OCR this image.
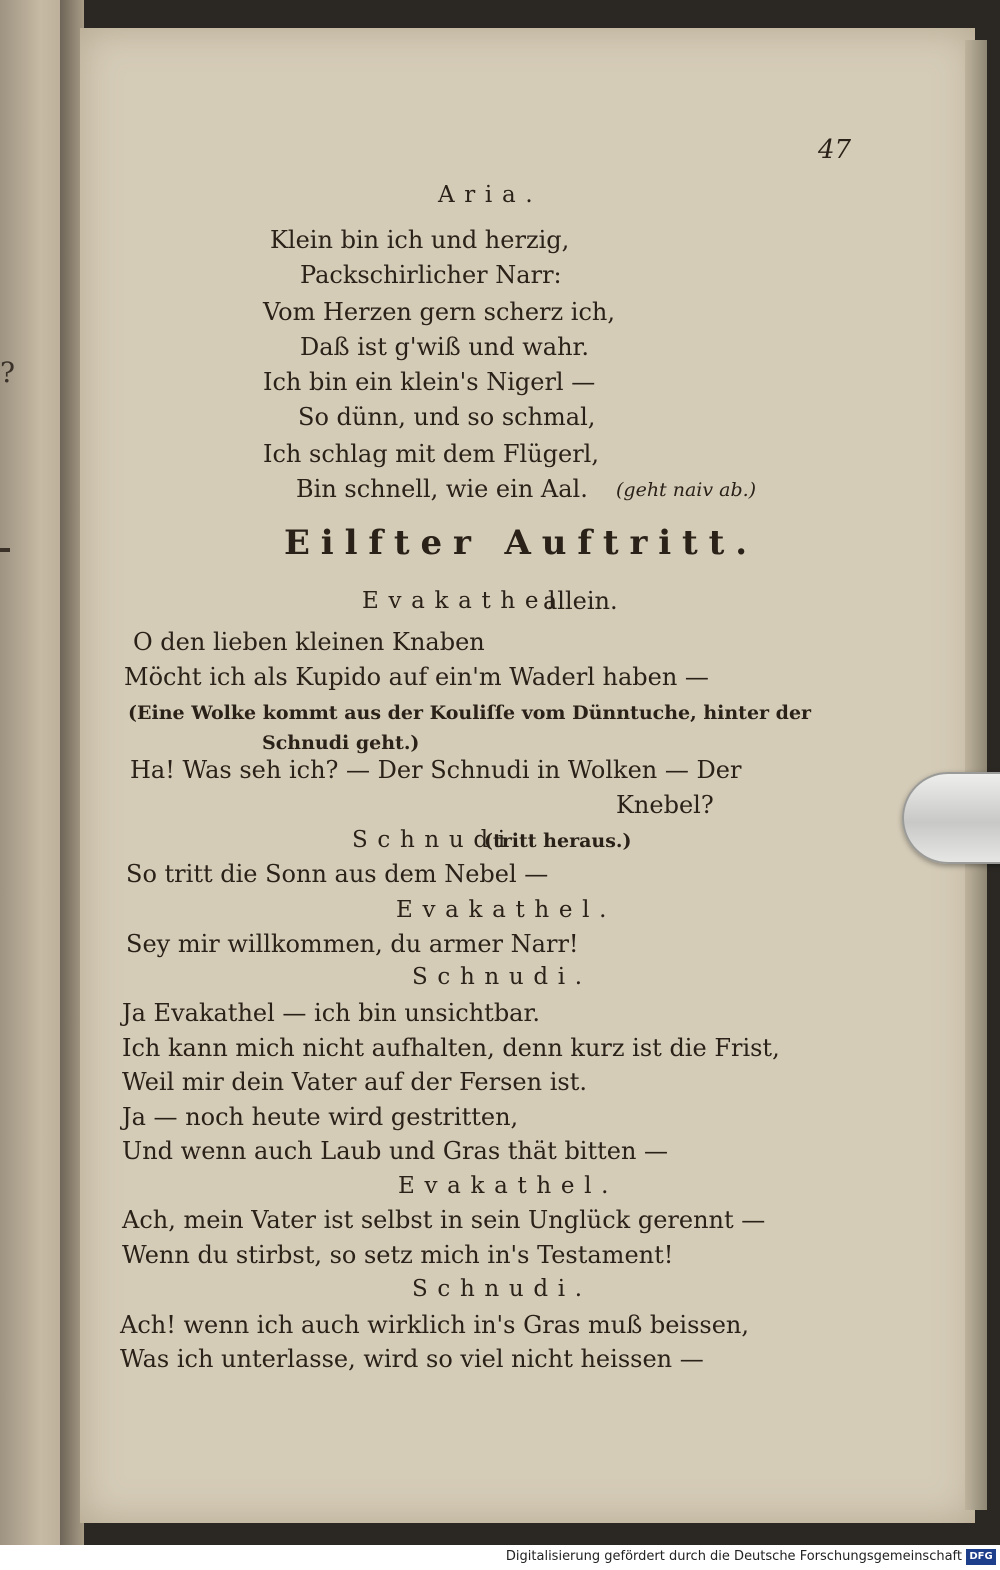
?
47
Aria.
Klein bin ich und herzig,
Packschirlicher Narr:
Vom Herzen gern scherz ich,
Daß ist g'wiß und wahr.
Ich bin ein klein's Nigerl —
So dünn, und so schmal,
Ich schlag mit dem Flügerl,
Bin schnell, wie ein Aal. (geht naiv ab.)
Eilfter Auftritt.
Evakathel
allein.
O den lieben kleinen Knaben
Möcht ich als Kupido auf ein'm Waderl haben —
(Eine Wolke kommt aus der Kouliſſe vom Dünntuche, hinter der
Schnudi geht.)
Ha! Was seh ich? — Der Schnudi in Wolken — Der
Knebel?
Schnudi
(tritt heraus.)
So tritt die Sonn aus dem Nebel —
Evakathel.
Sey mir willkommen, du armer Narr!
Schnudi.
Ja Evakathel — ich bin unsichtbar.
Ich kann mich nicht aufhalten, denn kurz ist die Frist,
Weil mir dein Vater auf der Fersen ist.
Ja — noch heute wird gestritten,
Und wenn auch Laub und Gras thät bitten —
Evakathel.
Ach, mein Vater ist selbst in sein Unglück gerennt —
Wenn du stirbst, so setz mich in's Testament!
Schnudi.
Ach! wenn ich auch wirklich in's Gras muß beissen,
Was ich unterlasse, wird so viel nicht heissen —
Digitalisierung gefördert durch die Deutsche Forschungsgemeinschaft DFG
